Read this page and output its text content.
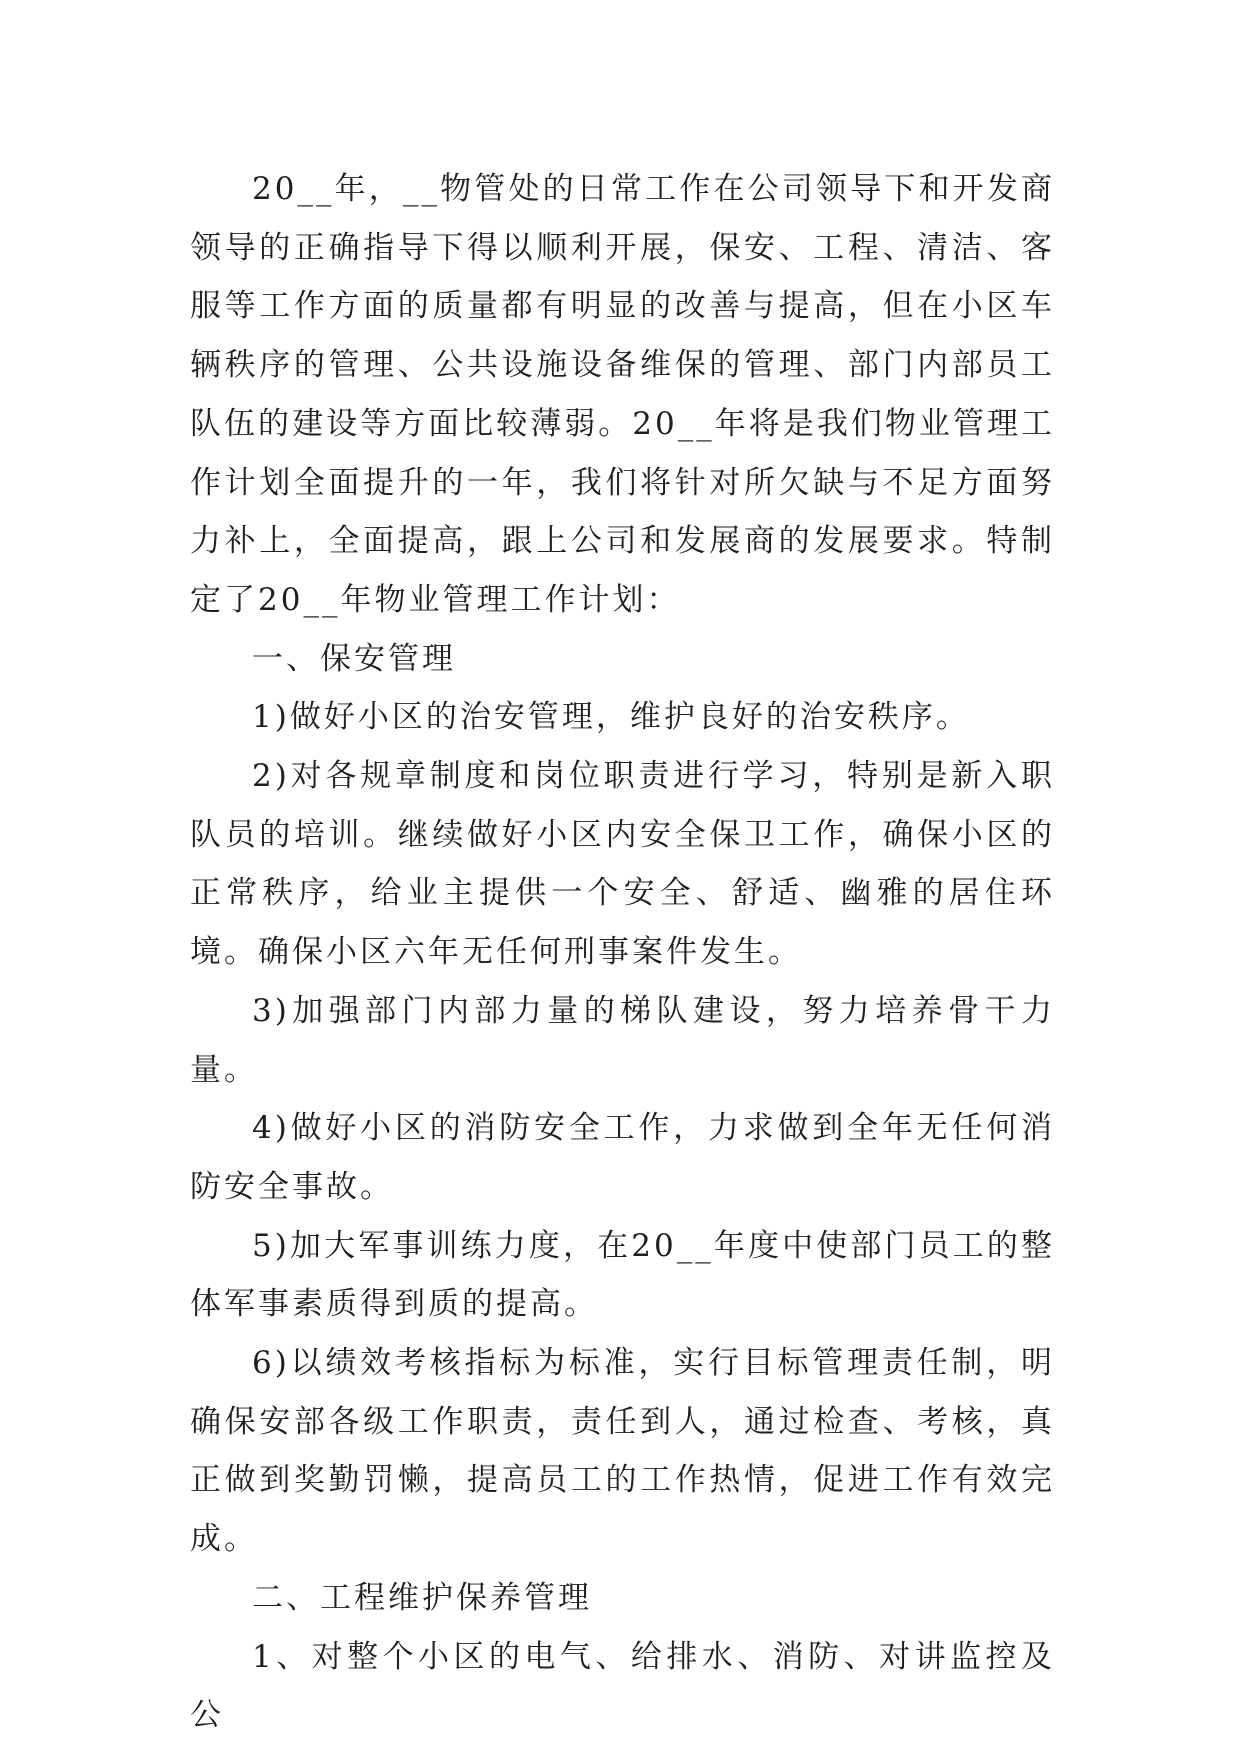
20__年，__物管处的日常工作在公司领导下和开发商领导的正确指导下得以顺利开展，保安、工程、清洁、客服等工作方面的质量都有明显的改善与提高，但在小区车辆秩序的管理、公共设施设备维保的管理、部门内部员工队伍的建设等方面比较薄弱。20__年将是我们物业管理工作计划全面提升的一年，我们将针对所欠缺与不足方面努力补上，全面提高，跟上公司和发展商的发展要求。特制定了20__年物业管理工作计划：

一、保安管理

1)做好小区的治安管理，维护良好的治安秩序。

2)对各规章制度和岗位职责进行学习，特别是新入职队员的培训。继续做好小区内安全保卫工作，确保小区的正常秩序，给业主提供一个安全、舒适、幽雅的居住环境。确保小区六年无任何刑事案件发生。

3)加强部门内部力量的梯队建设，努力培养骨干力量。

4)做好小区的消防安全工作，力求做到全年无任何消防安全事故。

5)加大军事训练力度，在20__年度中使部门员工的整体军事素质得到质的提高。

6)以绩效考核指标为标准，实行目标管理责任制，明确保安部各级工作职责，责任到人，通过检查、考核，真正做到奖勤罚懒，提高员工的工作热情，促进工作有效完成。

二、工程维护保养管理

1、对整个小区的电气、给排水、消防、对讲监控及公
